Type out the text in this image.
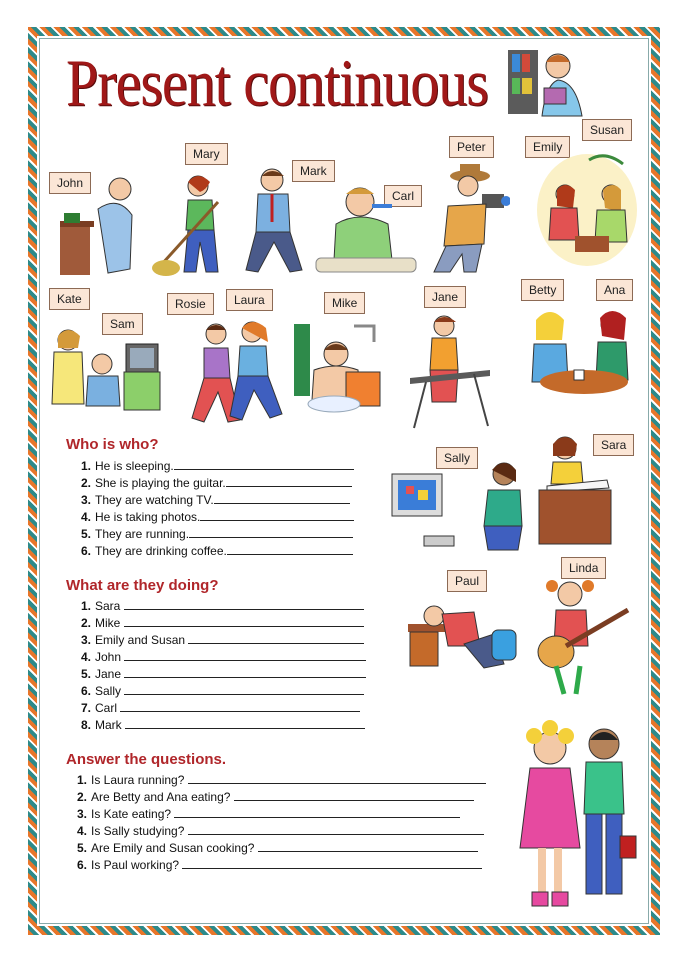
Present continuous
John
Mary
Mark
Carl
Peter	Emily
Susan
Kate
Sam
Rosie	Laura	Mike	Jane	Betty	Ana
Sally
Sara
Paul
Linda
Who is who?
1. He is sleeping.
2. She is playing the guitar.
3. They are watching TV.
4. He is taking photos.
5. They are running.
6. They are drinking coffee.
What are they doing?
1. Sara
2. Mike
3. Emily and Susan
4. John
5. Jane
6. Sally
7. Carl
8. Mark
Answer the questions.
1. Is Laura running?
2. Are Betty and Ana eating?
3. Is Kate eating?
4. Is Sally studying?
5. Are Emily and Susan cooking?
6. Is Paul working?
